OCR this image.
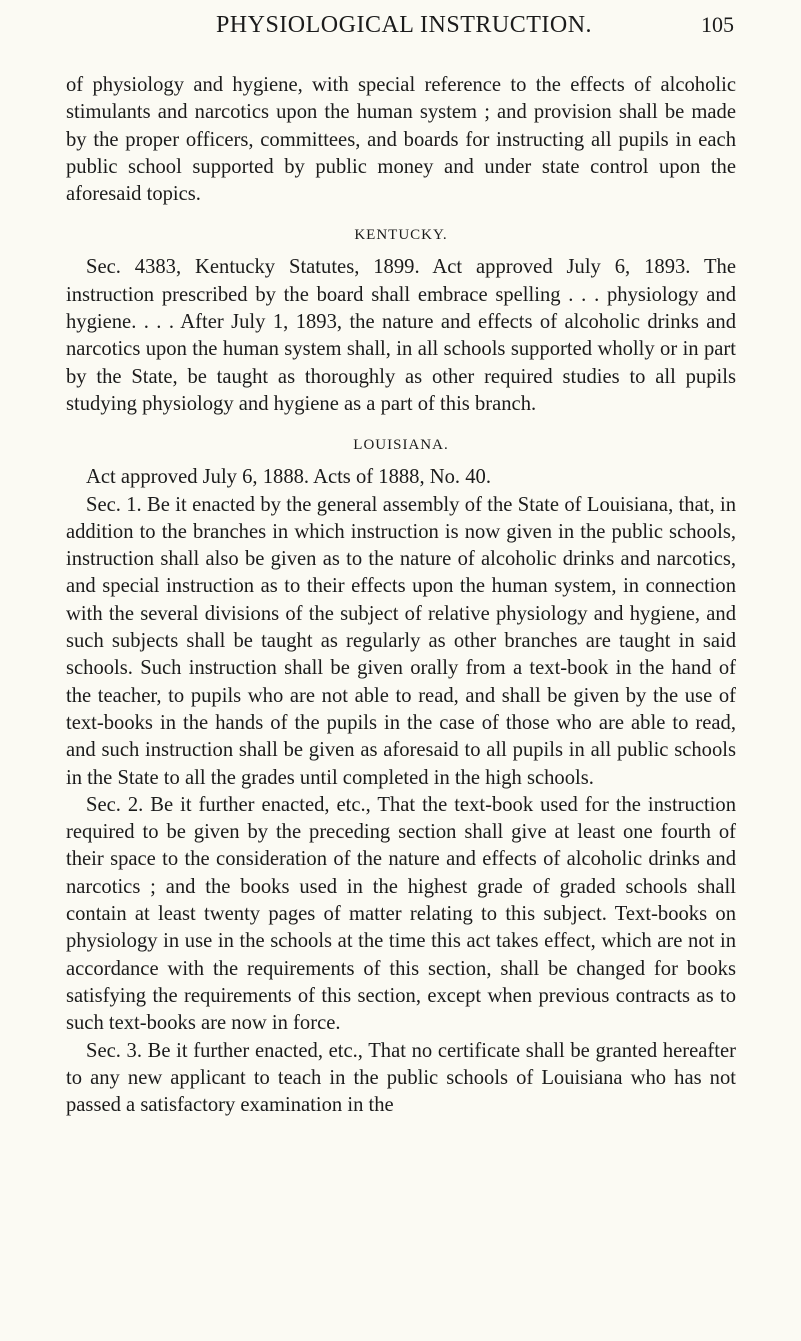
PHYSIOLOGICAL INSTRUCTION.	105

of physiology and hygiene, with special reference to the effects of alcoholic stimulants and narcotics upon the human system ; and provision shall be made by the proper officers, committees, and boards for instructing all pupils in each public school supported by public money and under state control upon the aforesaid topics.

KENTUCKY.

Sec. 4383, Kentucky Statutes, 1899. Act approved July 6, 1893. The instruction prescribed by the board shall embrace spelling . . . physiology and hygiene. . . . After July 1, 1893, the nature and effects of alcoholic drinks and narcotics upon the human system shall, in all schools supported wholly or in part by the State, be taught as thoroughly as other required studies to all pupils studying physiology and hygiene as a part of this branch.

LOUISIANA.

Act approved July 6, 1888. Acts of 1888, No. 40.

Sec. 1. Be it enacted by the general assembly of the State of Louisiana, that, in addition to the branches in which instruction is now given in the public schools, instruction shall also be given as to the nature of alcoholic drinks and narcotics, and special instruction as to their effects upon the human system, in connection with the several divisions of the subject of relative physiology and hygiene, and such subjects shall be taught as regularly as other branches are taught in said schools. Such instruction shall be given orally from a text-book in the hand of the teacher, to pupils who are not able to read, and shall be given by the use of text-books in the hands of the pupils in the case of those who are able to read, and such instruction shall be given as aforesaid to all pupils in all public schools in the State to all the grades until completed in the high schools.

Sec. 2. Be it further enacted, etc., That the text-book used for the instruction required to be given by the preceding section shall give at least one fourth of their space to the consideration of the nature and effects of alcoholic drinks and narcotics ; and the books used in the highest grade of graded schools shall contain at least twenty pages of matter relating to this subject. Text-books on physiology in use in the schools at the time this act takes effect, which are not in accordance with the requirements of this section, shall be changed for books satisfying the requirements of this section, except when previous contracts as to such text-books are now in force.

Sec. 3. Be it further enacted, etc., That no certificate shall be granted hereafter to any new applicant to teach in the public schools of Louisiana who has not passed a satisfactory examination in the
